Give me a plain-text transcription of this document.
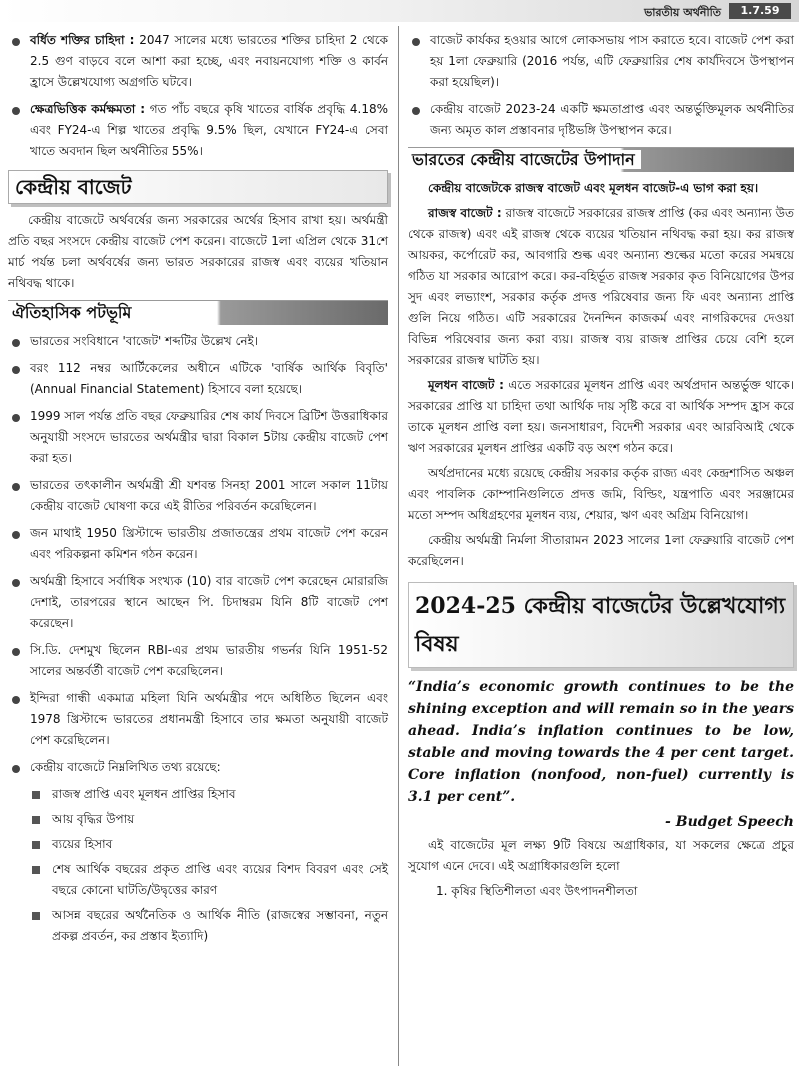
ভারতীয় অর্থনীতি	1.7.59

বর্ধিত শক্তির চাহিদা : 2047 সালের মধ্যে ভারতের শক্তির চাহিদা 2 থেকে 2.5 গুণ বাড়বে বলে আশা করা হচ্ছে, এবং নবায়নযোগ্য শক্তি ও কার্বন হ্রাসে উল্লেখযোগ্য অগ্রগতি ঘটবে।

ক্ষেত্রভিত্তিক কর্মক্ষমতা : গত পাঁচ বছরে কৃষি খাতের বার্ষিক প্রবৃদ্ধি 4.18% এবং FY24-এ শিল্প খাতের প্রবৃদ্ধি 9.5% ছিল, যেখানে FY24-এ সেবা খাতে অবদান ছিল অর্থনীতির 55%।

কেন্দ্রীয় বাজেট

কেন্দ্রীয় বাজেটে অর্থবর্ষের জন্য সরকারের অর্থের হিসাব রাখা হয়। অর্থমন্ত্রী প্রতি বছর সংসদে কেন্দ্রীয় বাজেট পেশ করেন। বাজেটে 1লা এপ্রিল থেকে 31শে মার্চ পর্যন্ত চলা অর্থবর্ষের জন্য ভারত সরকারের রাজস্ব এবং ব্যয়ের খতিয়ান নথিবদ্ধ থাকে।

ঐতিহাসিক পটভূমি

ভারতের সংবিধানে 'বাজেট' শব্দটির উল্লেখ নেই।

বরং 112 নম্বর আর্টিকেলের অধীনে এটিকে 'বার্ষিক আর্থিক বিবৃতি' (Annual Financial Statement) হিসাবে বলা হয়েছে।

1999 সাল পর্যন্ত প্রতি বছর ফেব্রুয়ারির শেষ কার্য দিবসে ব্রিটিশ উত্তরাধিকার অনুযায়ী সংসদে ভারতের অর্থমন্ত্রীর দ্বারা বিকাল 5টায় কেন্দ্রীয় বাজেট পেশ করা হত।

ভারতের তৎকালীন অর্থমন্ত্রী শ্রী যশবন্ত সিনহা 2001 সালে সকাল 11টায় কেন্দ্রীয় বাজেট ঘোষণা করে এই রীতির পরিবর্তন করেছিলেন।

জন মাথাই 1950 খ্রিস্টাব্দে ভারতীয় প্রজাতন্ত্রের প্রথম বাজেট পেশ করেন এবং পরিকল্পনা কমিশন গঠন করেন।

অর্থমন্ত্রী হিসাবে সর্বাধিক সংখ্যক (10) বার বাজেট পেশ করেছেন মোরারজি দেশাই, তারপরের স্থানে আছেন পি. চিদাম্বরম যিনি 8টি বাজেট পেশ করেছেন।

সি.ডি. দেশমুখ ছিলেন RBI-এর প্রথম ভারতীয় গভর্নর যিনি 1951-52 সালের অন্তর্বর্তী বাজেট পেশ করেছিলেন।

ইন্দিরা গান্ধী একমাত্র মহিলা যিনি অর্থমন্ত্রীর পদে অধিষ্ঠিত ছিলেন এবং 1978 খ্রিস্টাব্দে ভারতের প্রধানমন্ত্রী হিসাবে তার ক্ষমতা অনুযায়ী বাজেট পেশ করেছিলেন।

কেন্দ্রীয় বাজেটে নিম্নলিখিত তথ্য রয়েছে:

রাজস্ব প্রাপ্তি এবং মূলধন প্রাপ্তির হিসাব

আয় বৃদ্ধির উপায়

ব্যয়ের হিসাব

শেষ আর্থিক বছরের প্রকৃত প্রাপ্তি এবং ব্যয়ের বিশদ বিবরণ এবং সেই বছরে কোনো ঘাটতি/উদ্বৃত্তের কারণ

আসন্ন বছরের অর্থনৈতিক ও আর্থিক নীতি (রাজস্বের সম্ভাবনা, নতুন প্রকল্প প্রবর্তন, কর প্রস্তাব ইত্যাদি)

বাজেট কার্যকর হওয়ার আগে লোকসভায় পাস করাতে হবে। বাজেট পেশ করা হয় 1লা ফেব্রুয়ারি (2016 পর্যন্ত, এটি ফেব্রুয়ারির শেষ কার্যদিবসে উপস্থাপন করা হয়েছিল)।

কেন্দ্রীয় বাজেট 2023-24 একটি ক্ষমতাপ্রাপ্ত এবং অন্তর্ভুক্তিমূলক অর্থনীতির জন্য অমৃত কাল প্রস্তাবনার দৃষ্টিভঙ্গি উপস্থাপন করে।

ভারতের কেন্দ্রীয় বাজেটের উপাদান

কেন্দ্রীয় বাজেটকে রাজস্ব বাজেট এবং মূলধন বাজেট-এ ভাগ করা হয়।

রাজস্ব বাজেট : রাজস্ব বাজেটে সরকারের রাজস্ব প্রাপ্তি (কর এবং অন্যান্য উত থেকে রাজস্ব) এবং এই রাজস্ব থেকে ব্যয়ের খতিয়ান নথিবদ্ধ করা হয়। কর রাজস্ব আয়কর, কর্পোরেট কর, আবগারি শুল্ক এবং অন্যান্য শুল্কের মতো করের সমন্বয়ে গঠিত যা সরকার আরোপ করে। কর-বহির্ভূত রাজস্ব সরকার কৃত বিনিয়োগের উপর সুদ এবং লভ্যাংশ, সরকার কর্তৃক প্রদত্ত পরিষেবার জন্য ফি এবং অন্যান্য প্রাপ্তি গুলি নিয়ে গঠিত। এটি সরকারের দৈনন্দিন কাজকর্ম এবং নাগরিকদের দেওয়া বিভিন্ন পরিষেবার জন্য করা ব্যয়। রাজস্ব ব্যয় রাজস্ব প্রাপ্তির চেয়ে বেশি হলে সরকারের রাজস্ব ঘাটতি হয়।

মূলধন বাজেট : এতে সরকারের মূলধন প্রাপ্তি এবং অর্থপ্রদান অন্তর্ভুক্ত থাকে। সরকারের প্রাপ্তি যা চাহিদা তথা আর্থিক দায় সৃষ্টি করে বা আর্থিক সম্পদ হ্রাস করে তাকে মূলধন প্রাপ্তি বলা হয়। জনসাধারণ, বিদেশী সরকার এবং আরবিআই থেকে ঋণ সরকারের মূলধন প্রাপ্তির একটি বড় অংশ গঠন করে।

অর্থপ্রদানের মধ্যে রয়েছে কেন্দ্রীয় সরকার কর্তৃক রাজ্য এবং কেন্দ্রশাসিত অঞ্চল এবং পাবলিক কোম্পানিগুলিতে প্রদত্ত জমি, বিল্ডিং, যন্ত্রপাতি এবং সরঞ্জামের মতো সম্পদ অধিগ্রহণের মূলধন ব্যয়, শেয়ার, ঋণ এবং অগ্রিম বিনিয়োগ।

কেন্দ্রীয় অর্থমন্ত্রী নির্মলা সীতারামন 2023 সালের 1লা ফেব্রুয়ারি বাজেট পেশ করেছিলেন।

2024-25 কেন্দ্রীয় বাজেটের উল্লেখযোগ্য বিষয়

“India’s economic growth continues to be the shining exception and will remain so in the years ahead. India’s inflation continues to be low, stable and moving towards the 4 per cent target. Core inflation (nonfood, non-fuel) currently is 3.1 per cent”.

- Budget Speech

এই বাজেটের মূল লক্ষ্য 9টি বিষয়ে অগ্রাধিকার, যা সকলের ক্ষেত্রে প্রচুর সুযোগ এনে দেবে। এই অগ্রাধিকারগুলি হলো

1. কৃষির স্থিতিশীলতা এবং উৎপাদনশীলতা
